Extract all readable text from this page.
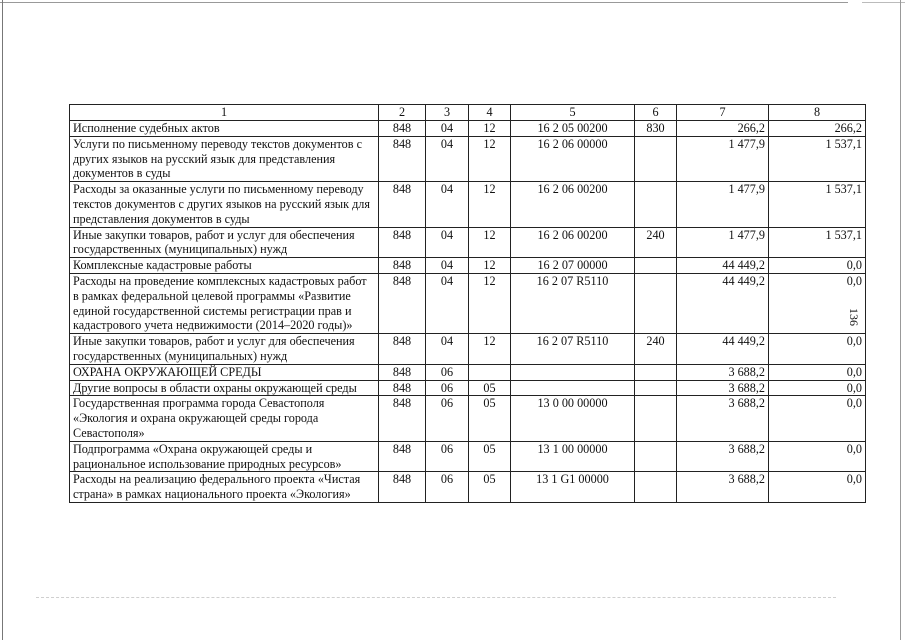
136
1	2	3	4	5	6	7	8
Исполнение судебных актов	848	04	12	16 2 05 00200	830	266,2	266,2
Услуги по письменному переводу текстов документов с других языков на русский язык для представления документов в суды	848	04	12	16 2 06 00000		1 477,9	1 537,1
Расходы за оказанные услуги по письменному переводу текстов документов с других языков на русский язык для представления документов в суды	848	04	12	16 2 06 00200		1 477,9	1 537,1
Иные закупки товаров, работ и услуг для обеспечения государственных (муниципальных) нужд	848	04	12	16 2 06 00200	240	1 477,9	1 537,1
Комплексные кадастровые работы	848	04	12	16 2 07 00000		44 449,2	0,0
Расходы на проведение комплексных кадастровых работ в рамках федеральной целевой программы «Развитие единой государственной системы регистрации прав и кадастрового учета недвижимости (2014–2020 годы)»	848	04	12	16 2 07 R5110		44 449,2	0,0
Иные закупки товаров, работ и услуг для обеспечения государственных (муниципальных) нужд	848	04	12	16 2 07 R5110	240	44 449,2	0,0
ОХРАНА ОКРУЖАЮЩЕЙ СРЕДЫ	848	06				3 688,2	0,0
Другие вопросы в области охраны окружающей среды	848	06	05			3 688,2	0,0
Государственная программа города Севастополя «Экология и охрана окружающей среды города Севастополя»	848	06	05	13 0 00 00000		3 688,2	0,0
Подпрограмма «Охрана окружающей среды и рациональное использование природных ресурсов»	848	06	05	13 1 00 00000		3 688,2	0,0
Расходы на реализацию федерального проекта «Чистая страна» в рамках национального проекта «Экология»	848	06	05	13 1 G1 00000		3 688,2	0,0
